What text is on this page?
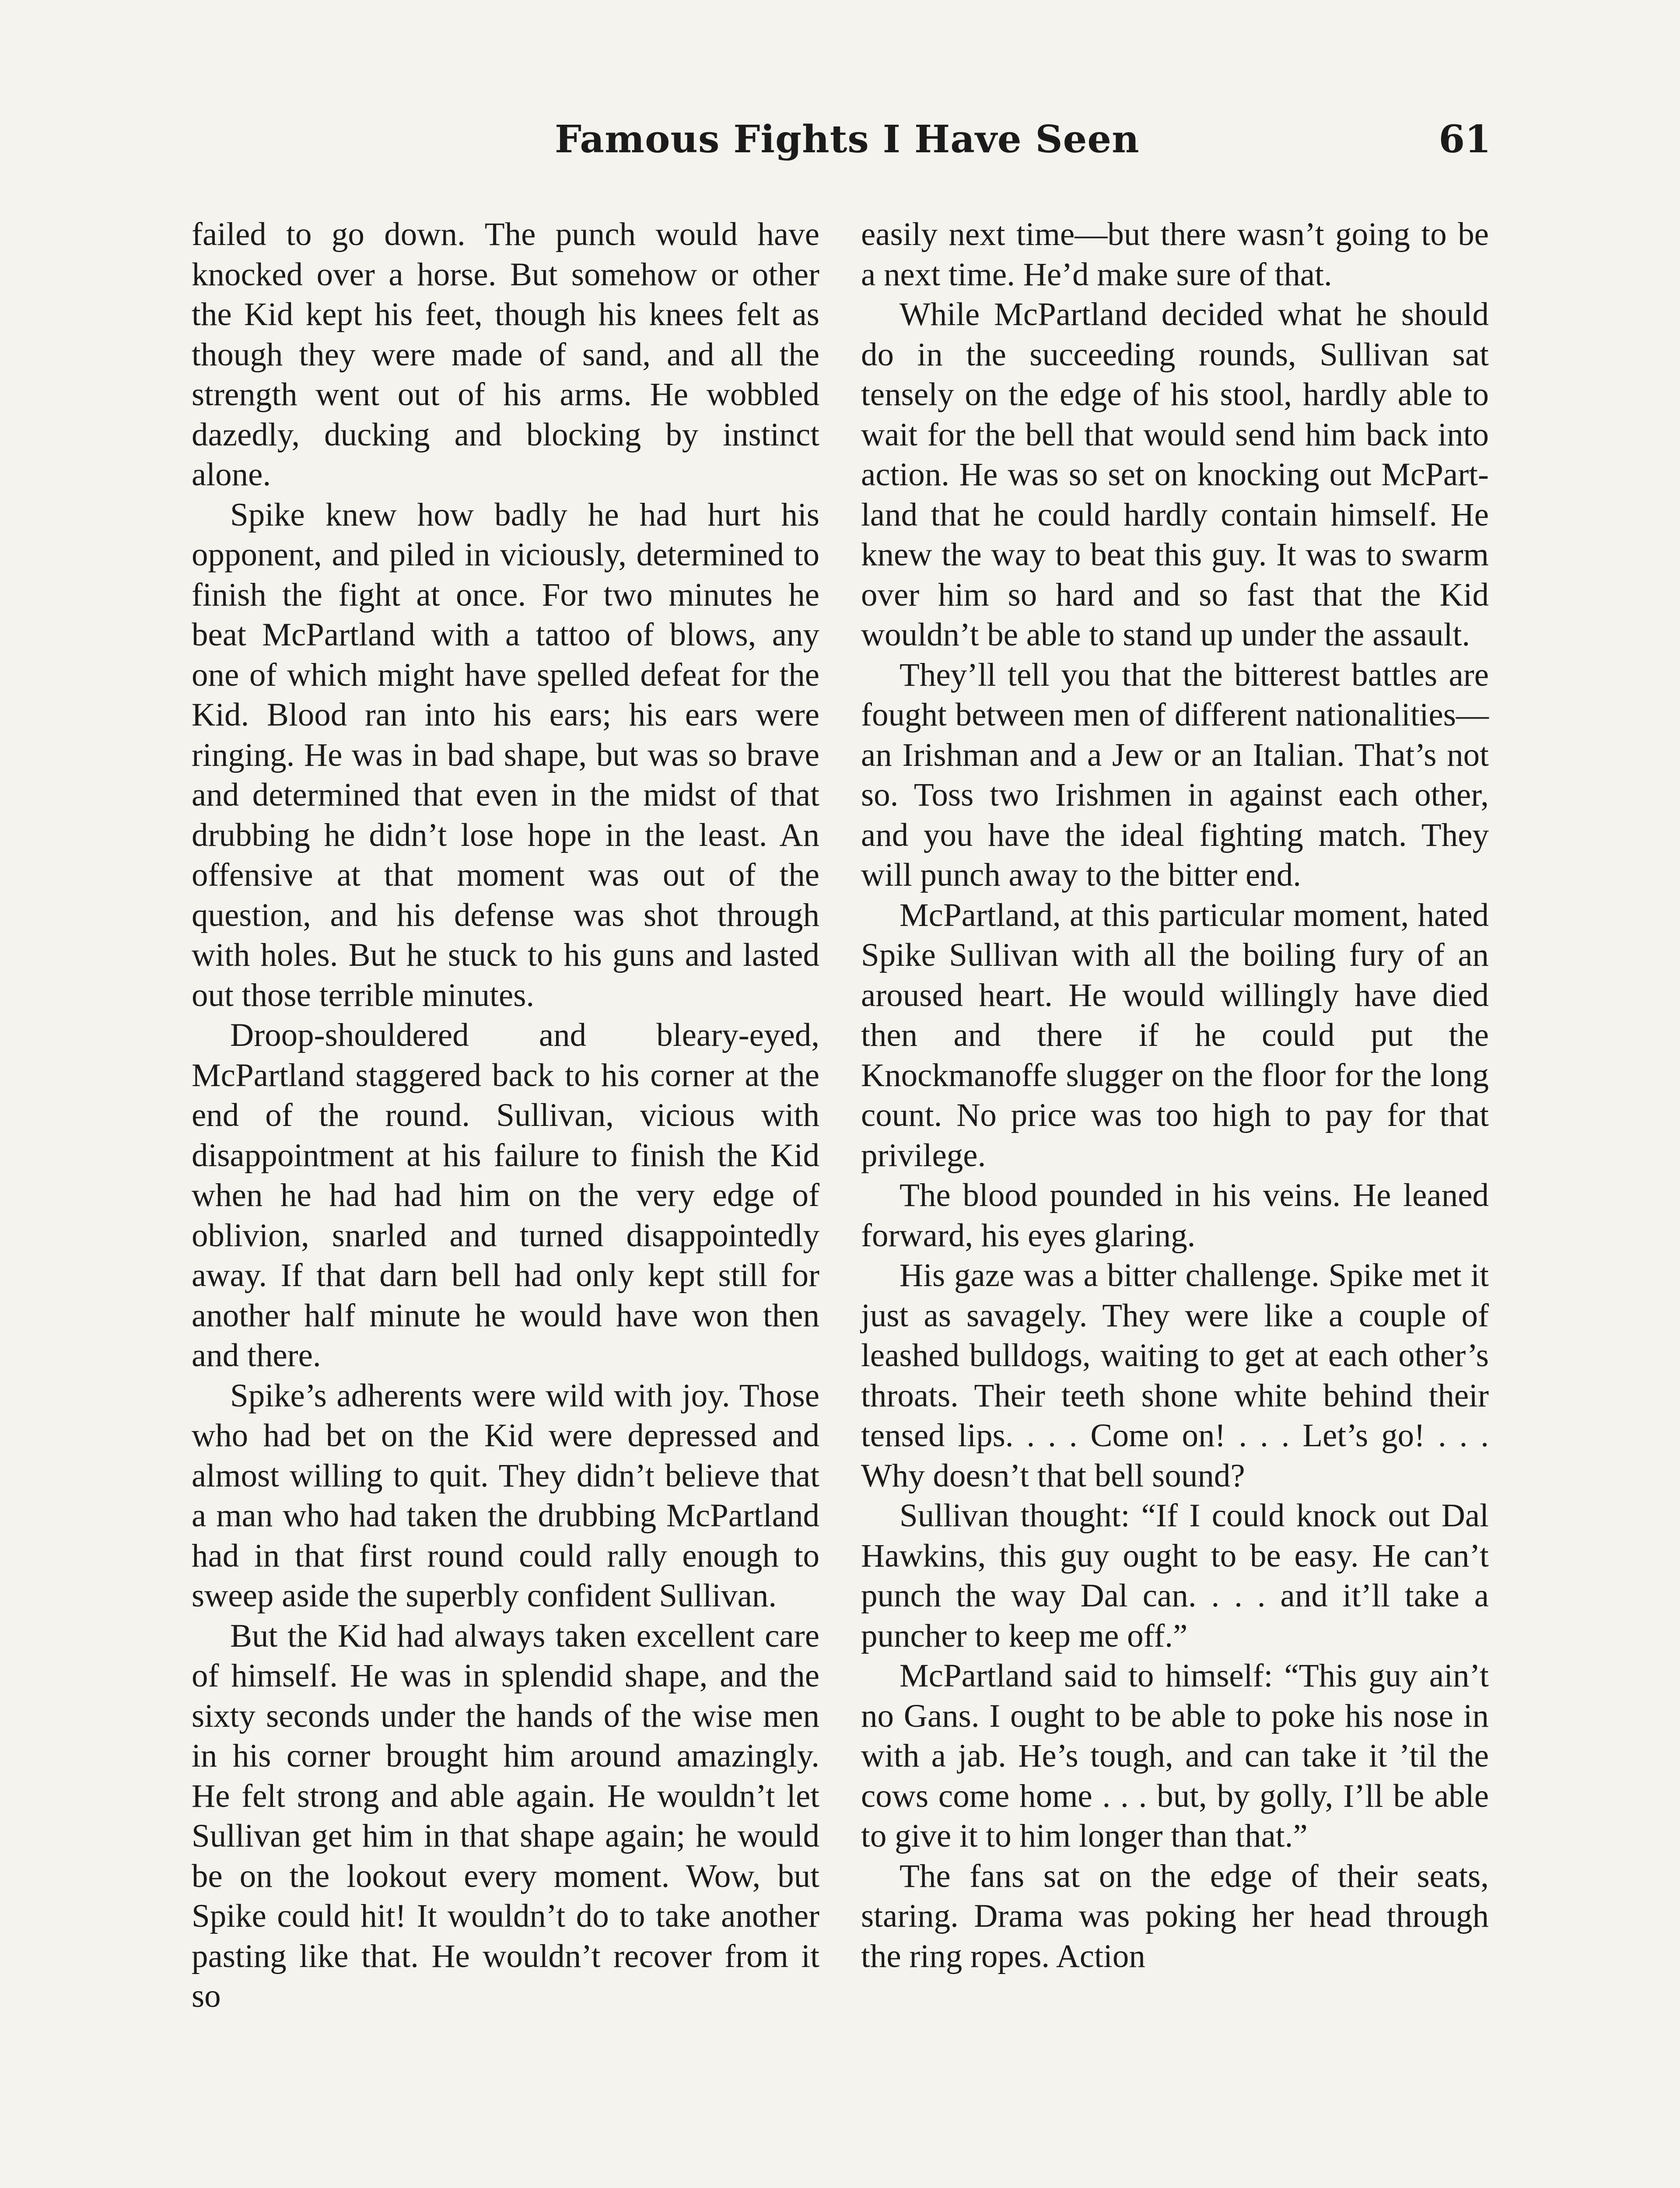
Famous Fights I Have Seen	61

failed to go down. The punch would have knocked over a horse. But somehow or other the Kid kept his feet, though his knees felt as though they were made of sand, and all the strength went out of his arms. He wobbled dazedly, ducking and blocking by instinct alone.

Spike knew how badly he had hurt his opponent, and piled in viciously, determined to finish the fight at once. For two minutes he beat McPartland with a tattoo of blows, any one of which might have spelled defeat for the Kid. Blood ran into his ears; his ears were ringing. He was in bad shape, but was so brave and determined that even in the midst of that drubbing he didn’t lose hope in the least. An offensive at that moment was out of the question, and his defense was shot through with holes. But he stuck to his guns and lasted out those terrible minutes.

Droop-shouldered and bleary-eyed, McPartland staggered back to his corner at the end of the round. Sullivan, vicious with disappointment at his failure to finish the Kid when he had had him on the very edge of oblivion, snarled and turned disappointedly away. If that darn bell had only kept still for another half minute he would have won then and there.

Spike’s adherents were wild with joy. Those who had bet on the Kid were depressed and almost willing to quit. They didn’t believe that a man who had taken the drubbing McPartland had in that first round could rally enough to sweep aside the superbly confident Sullivan.

But the Kid had always taken excellent care of himself. He was in splendid shape, and the sixty seconds under the hands of the wise men in his corner brought him around amazingly. He felt strong and able again. He wouldn’t let Sullivan get him in that shape again; he would be on the lookout every moment. Wow, but Spike could hit! It wouldn’t do to take another pasting like that. He wouldn’t recover from it so

easily next time—but there wasn’t going to be a next time. He’d make sure of that.

While McPartland decided what he should do in the succeeding rounds, Sullivan sat tensely on the edge of his stool, hardly able to wait for the bell that would send him back into action. He was so set on knocking out McPartland that he could hardly contain himself. He knew the way to beat this guy. It was to swarm over him so hard and so fast that the Kid wouldn’t be able to stand up under the assault.

They’ll tell you that the bitterest battles are fought between men of different nationalities—an Irishman and a Jew or an Italian. That’s not so. Toss two Irishmen in against each other, and you have the ideal fighting match. They will punch away to the bitter end.

McPartland, at this particular moment, hated Spike Sullivan with all the boiling fury of an aroused heart. He would willingly have died then and there if he could put the Knockmanoffe slugger on the floor for the long count. No price was too high to pay for that privilege.

The blood pounded in his veins. He leaned forward, his eyes glaring.

His gaze was a bitter challenge. Spike met it just as savagely. They were like a couple of leashed bulldogs, waiting to get at each other’s throats. Their teeth shone white behind their tensed lips. . . . Come on! . . . Let’s go! . . . Why doesn’t that bell sound?

Sullivan thought: “If I could knock out Dal Hawkins, this guy ought to be easy. He can’t punch the way Dal can. . . . and it’ll take a puncher to keep me off.”

McPartland said to himself: “This guy ain’t no Gans. I ought to be able to poke his nose in with a jab. He’s tough, and can take it ’til the cows come home . . . but, by golly, I’ll be able to give it to him longer than that.”

The fans sat on the edge of their seats, staring. Drama was poking her head through the ring ropes. Action
